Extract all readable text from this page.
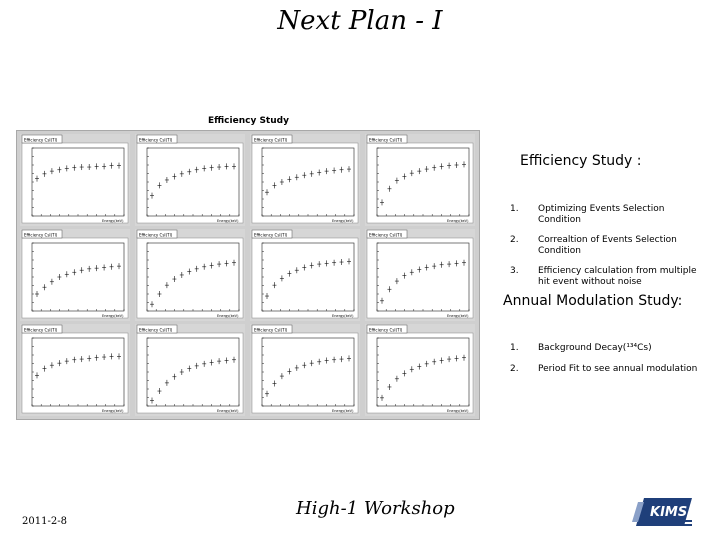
Next Plan - I
Efficiency Study
Efficiency CsI(Tl)
Energy(keV)
Efficiency CsI(Tl)
Energy(keV)
Efficiency CsI(Tl)
Energy(keV)
Efficiency CsI(Tl)
Energy(keV)
Efficiency CsI(Tl)
Energy(keV)
Efficiency CsI(Tl)
Energy(keV)
Efficiency CsI(Tl)
Energy(keV)
Efficiency CsI(Tl)
Energy(keV)
Efficiency CsI(Tl)
Energy(keV)
Efficiency CsI(Tl)
Energy(keV)
Efficiency CsI(Tl)
Energy(keV)
Efficiency CsI(Tl)
Energy(keV)
Efficiency Study :
1. Optimizing Events Selection Condition
2. Correaltion of Events Selection Condition
3. Efficiency calculation from multiple hit event without noise
Annual Modulation Study:
1. Background Decay(¹³⁴Cs)
2. Period Fit to see annual modulation
2011-2-8
High-1 Workshop	KIMS
